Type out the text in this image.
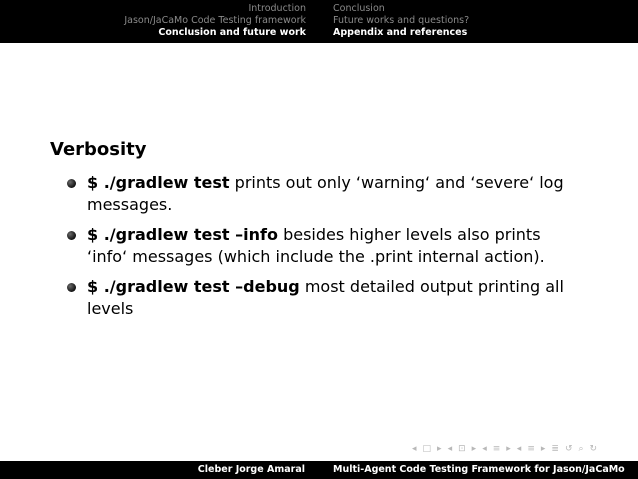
Introduction
Jason/JaCaMo Code Testing framework
Conclusion and future work
Conclusion
Future works and questions?
Appendix and references
Verbosity
$ ./gradlew test prints out only ‘warning‘ and ‘severe‘ log messages.
$ ./gradlew test –info besides higher levels also prints ‘info‘ messages (which include the .print internal action).
$ ./gradlew test –debug most detailed output printing all levels
◂ □ ▸ ◂ ⊡ ▸ ◂ ≡ ▸ ◂ ≡ ▸ ≣ ↺ ⌕ ↻
Cleber Jorge Amaral	Multi-Agent Code Testing Framework for Jason/JaCaMo
